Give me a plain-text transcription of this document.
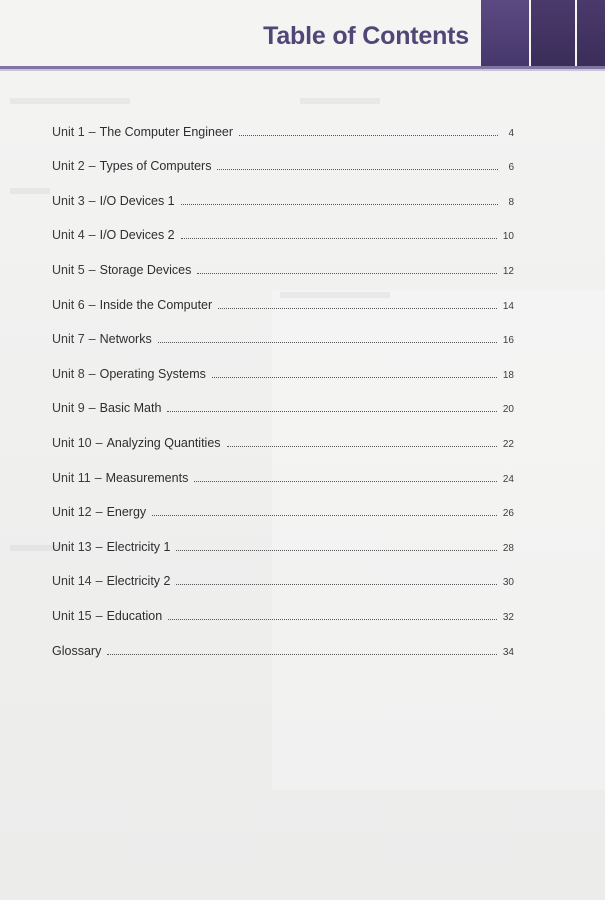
Table of Contents
Unit 1 – The Computer Engineer	4
Unit 2 – Types of Computers	6
Unit 3 – I/O Devices 1	8
Unit 4 – I/O Devices 2	10
Unit 5 – Storage Devices	12
Unit 6 – Inside the Computer	14
Unit 7 – Networks	16
Unit 8 – Operating Systems	18
Unit 9 – Basic Math	20
Unit 10 – Analyzing Quantities	22
Unit 11 – Measurements	24
Unit 12 – Energy	26
Unit 13 – Electricity 1	28
Unit 14 – Electricity 2	30
Unit 15 – Education	32
Glossary	34
